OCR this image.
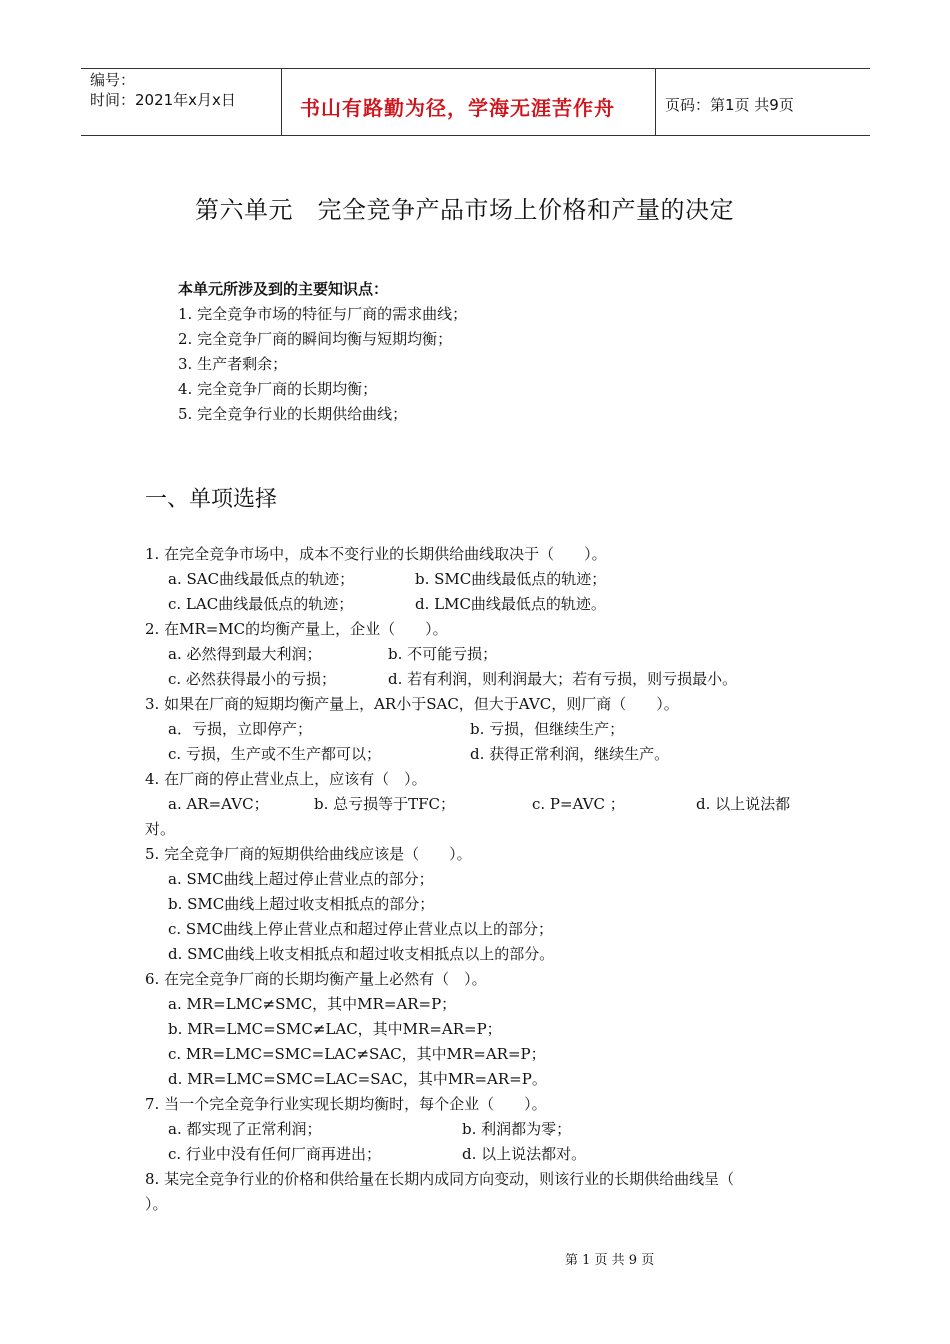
编号：
时间：2021年x月x日	书山有路勤为径，学海无涯苦作舟	页码：第1页 共9页
第六单元　完全竞争产品市场上价格和产量的决定
本单元所涉及到的主要知识点：
1. 完全竞争市场的特征与厂商的需求曲线；
2. 完全竞争厂商的瞬间均衡与短期均衡；
3. 生产者剩余；
4. 完全竞争厂商的长期均衡；
5. 完全竞争行业的长期供给曲线；
一、单项选择
1. 在完全竞争市场中，成本不变行业的长期供给曲线取决于（　　）。
a. SAC曲线最低点的轨迹；	b. SMC曲线最低点的轨迹；
c. LAC曲线最低点的轨迹；	d. LMC曲线最低点的轨迹。
2. 在MR=MC的均衡产量上，企业（　　）。
a. 必然得到最大利润；	b. 不可能亏损；
c. 必然获得最小的亏损；	d. 若有利润，则利润最大；若有亏损，则亏损最小。
3. 如果在厂商的短期均衡产量上，AR小于SAC，但大于AVC，则厂商（　　）。
a．亏损，立即停产；	b. 亏损，但继续生产；
c. 亏损，生产或不生产都可以；	d. 获得正常利润，继续生产。
4. 在厂商的停止营业点上，应该有（　）。
a. AR=AVC；	b. 总亏损等于TFC；	c. P=AVC ；	d. 以上说法都
对。
5. 完全竞争厂商的短期供给曲线应该是（　　）。
a. SMC曲线上超过停止营业点的部分；
b. SMC曲线上超过收支相抵点的部分；
c. SMC曲线上停止营业点和超过停止营业点以上的部分；
d. SMC曲线上收支相抵点和超过收支相抵点以上的部分。
6. 在完全竞争厂商的长期均衡产量上必然有（　）。
a. MR=LMC≠SMC，其中MR=AR=P；
b. MR=LMC=SMC≠LAC，其中MR=AR=P；
c. MR=LMC=SMC=LAC≠SAC，其中MR=AR=P；
d. MR=LMC=SMC=LAC=SAC，其中MR=AR=P。
7. 当一个完全竞争行业实现长期均衡时，每个企业（　　）。
a. 都实现了正常利润；	b. 利润都为零；
c. 行业中没有任何厂商再进出；	d. 以上说法都对。
8. 某完全竞争行业的价格和供给量在长期内成同方向变动，则该行业的长期供给曲线呈（
）。
第 1 页 共 9 页
